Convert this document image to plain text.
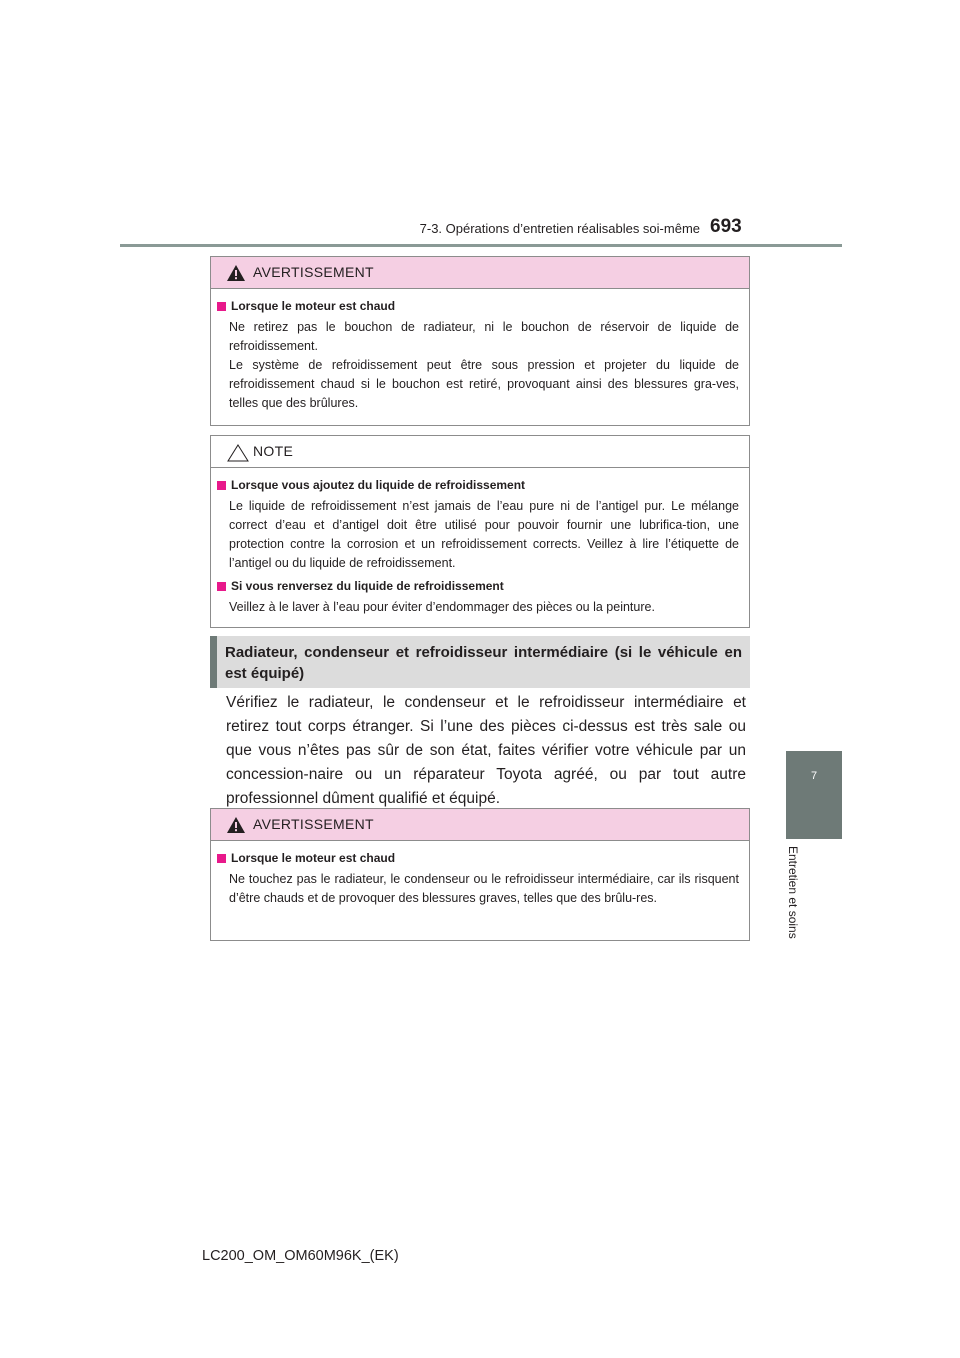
7-3. Opérations d’entretien réalisables soi-même 693
7
Entretien et soins
AVERTISSEMENT
Lorsque le moteur est chaud
Ne retirez pas le bouchon de radiateur, ni le bouchon de réservoir de liquide de refroidissement.
Le système de refroidissement peut être sous pression et projeter du liquide de refroidissement chaud si le bouchon est retiré, provoquant ainsi des blessures gra-ves, telles que des brûlures.
NOTE
Lorsque vous ajoutez du liquide de refroidissement
Le liquide de refroidissement n’est jamais de l’eau pure ni de l’antigel pur. Le mélange correct d’eau et d’antigel doit être utilisé pour pouvoir fournir une lubrifica-tion, une protection contre la corrosion et un refroidissement corrects. Veillez à lire l’étiquette de l’antigel ou du liquide de refroidissement.
Si vous renversez du liquide de refroidissement
Veillez à le laver à l’eau pour éviter d’endommager des pièces ou la peinture.
Radiateur, condenseur et refroidisseur intermédiaire (si le véhicule en est équipé)
Vérifiez le radiateur, le condenseur et le refroidisseur intermédiaire et retirez tout corps étranger. Si l’une des pièces ci-dessus est très sale ou que vous n’êtes pas sûr de son état, faites vérifier votre véhicule par un concession-naire ou un réparateur Toyota agréé, ou par tout autre professionnel dûment qualifié et équipé.
AVERTISSEMENT
Lorsque le moteur est chaud
Ne touchez pas le radiateur, le condenseur ou le refroidisseur intermédiaire, car ils risquent d’être chauds et de provoquer des blessures graves, telles que des brûlu-res.
LC200_OM_OM60M96K_(EK)
